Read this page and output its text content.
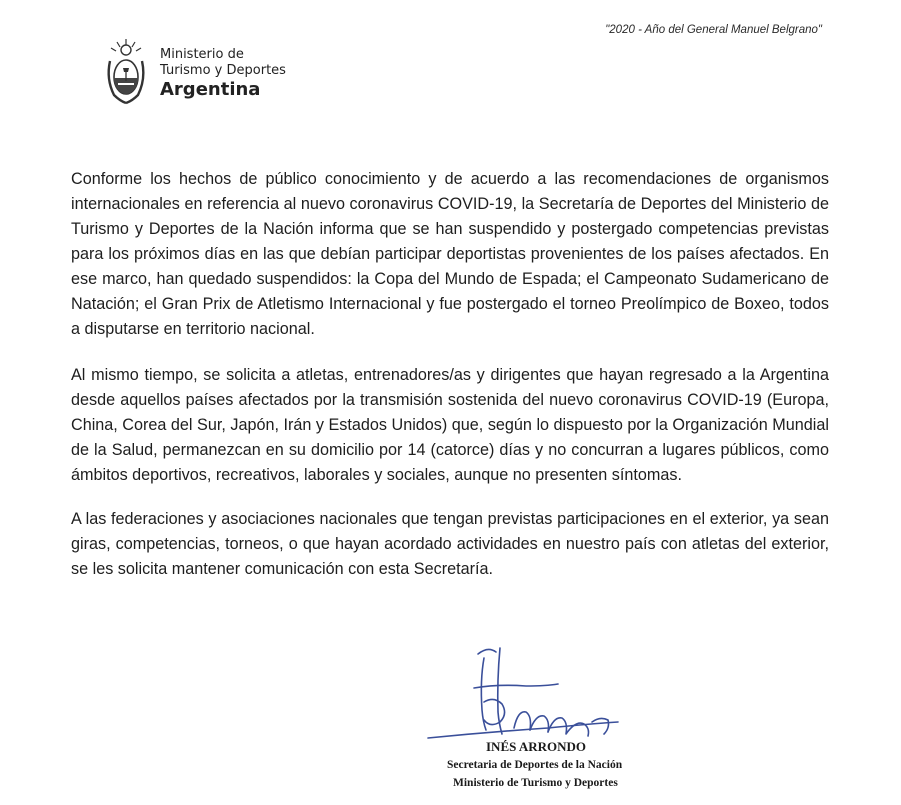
"2020 - Año del General Manuel Belgrano"
Ministerio de
Turismo y Deportes
Argentina

Conforme los hechos de público conocimiento y de acuerdo a las recomendaciones de organismos internacionales en referencia al nuevo coronavirus COVID-19, la Secretaría de Deportes del Ministerio de Turismo y Deportes de la Nación informa que se han suspendido y postergado competencias previstas para los próximos días en las que debían participar deportistas provenientes de los países afectados. En ese marco, han quedado suspendidos: la Copa del Mundo de Espada; el Campeonato Sudamericano de Natación; el Gran Prix de Atletismo Internacional y fue postergado el torneo Preolímpico de Boxeo, todos a disputarse en territorio nacional.

Al mismo tiempo, se solicita a atletas, entrenadores/as y dirigentes que hayan regresado a la Argentina desde aquellos países afectados por la transmisión sostenida del nuevo coronavirus COVID-19 (Europa, China, Corea del Sur, Japón, Irán y Estados Unidos) que, según lo dispuesto por la Organización Mundial de la Salud, permanezcan en su domicilio por 14 (catorce) días y no concurran a lugares públicos, como ámbitos deportivos, recreativos, laborales y sociales, aunque no presenten síntomas.

A las federaciones y asociaciones nacionales que tengan previstas participaciones en el exterior, ya sean giras, competencias, torneos, o que hayan acordado actividades en nuestro país con atletas del exterior, se les solicita mantener comunicación con esta Secretaría.

INÉS ARRONDO
Secretaria de Deportes de la Nación
Ministerio de Turismo y Deportes
